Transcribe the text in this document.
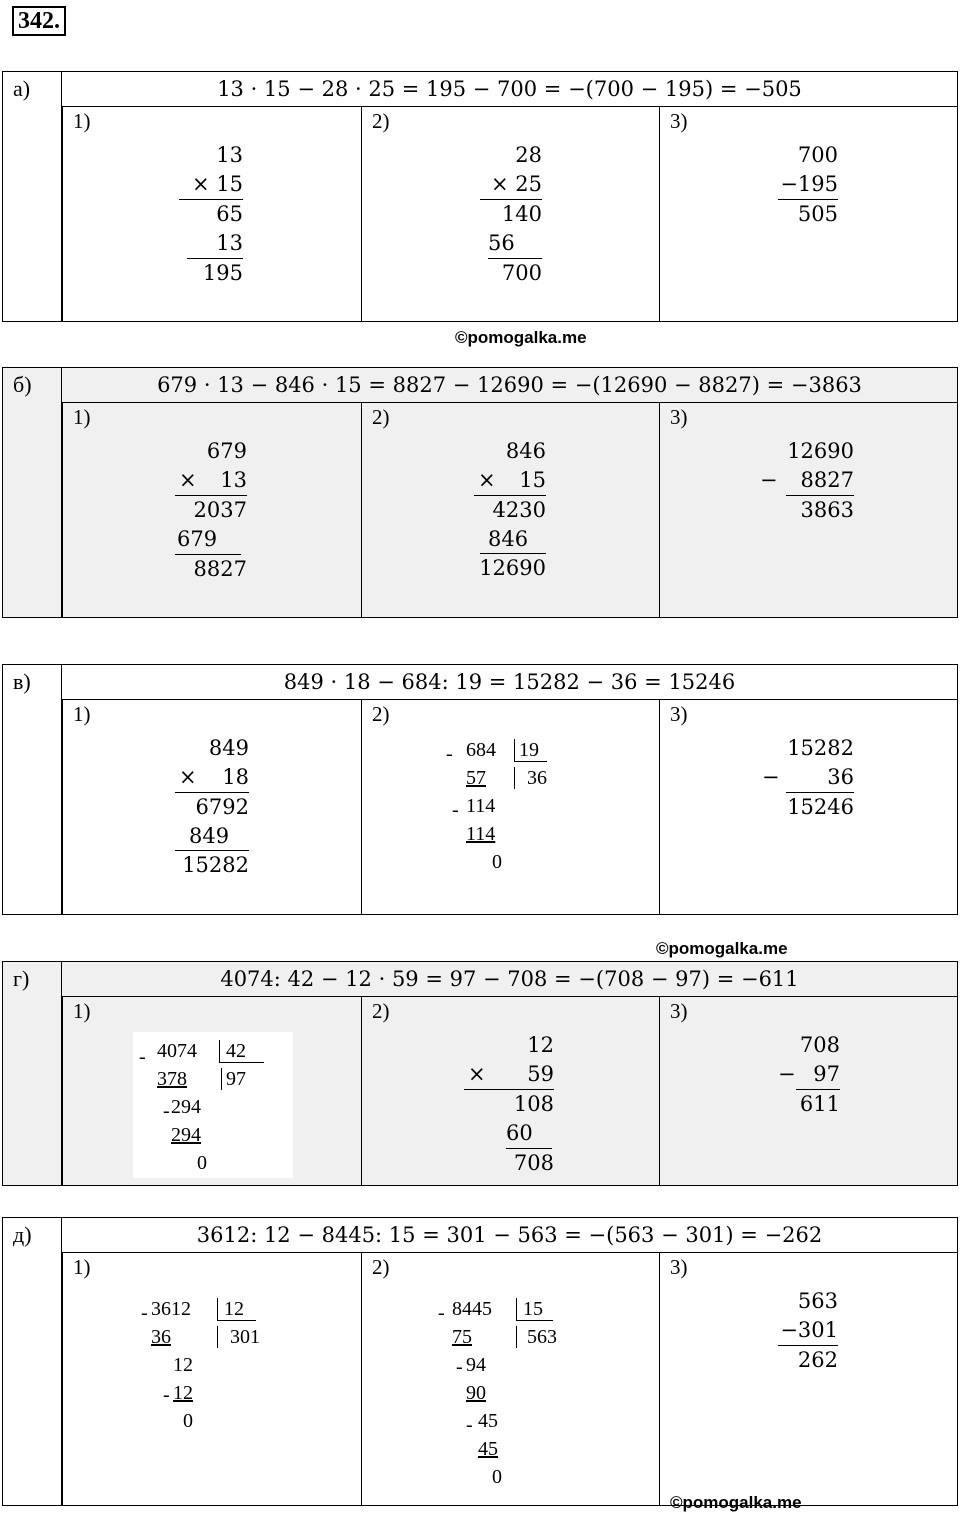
342.
а)	13 · 15 − 28 · 25 = 195 − 700 = −(700 − 195) = −505
1)
13
× 15
65
13
195
2)
28
× 25
140
56
700
3)
700
−195
505
©pomogalka.me
б)	679 · 13 − 846 · 15 = 8827 − 12690 = −(12690 − 8827) = −3863
1)
679
× 13
2037
679
8827
2)
846
× 15
4230
846
12690
3)
12690
− 8827
3863
в)	849 · 18 − 684: 19 = 15282 − 36 = 15246
1)
849
× 18
6792
849
15282
2)
- 684 19
57	36
- 114
114
0
3)
15282
− 36
15246
©pomogalka.me
г)	4074: 42 − 12 · 59 = 97 − 708 = −(708 − 97) = −611
1)
- 4074	42
378 97
- 294
294
0
2)
12
× 59
108
60
708
3)
708
− 97
611
д)	3612: 12 − 8445: 15 = 301 − 563 = −(563 − 301) = −262
1)
- 3612	12
36	301
12
- 12
0
2)
- 8445	15
75	563
- 94
90
- 45
45
0
3)
563
−301
262
©pomogalka.me
